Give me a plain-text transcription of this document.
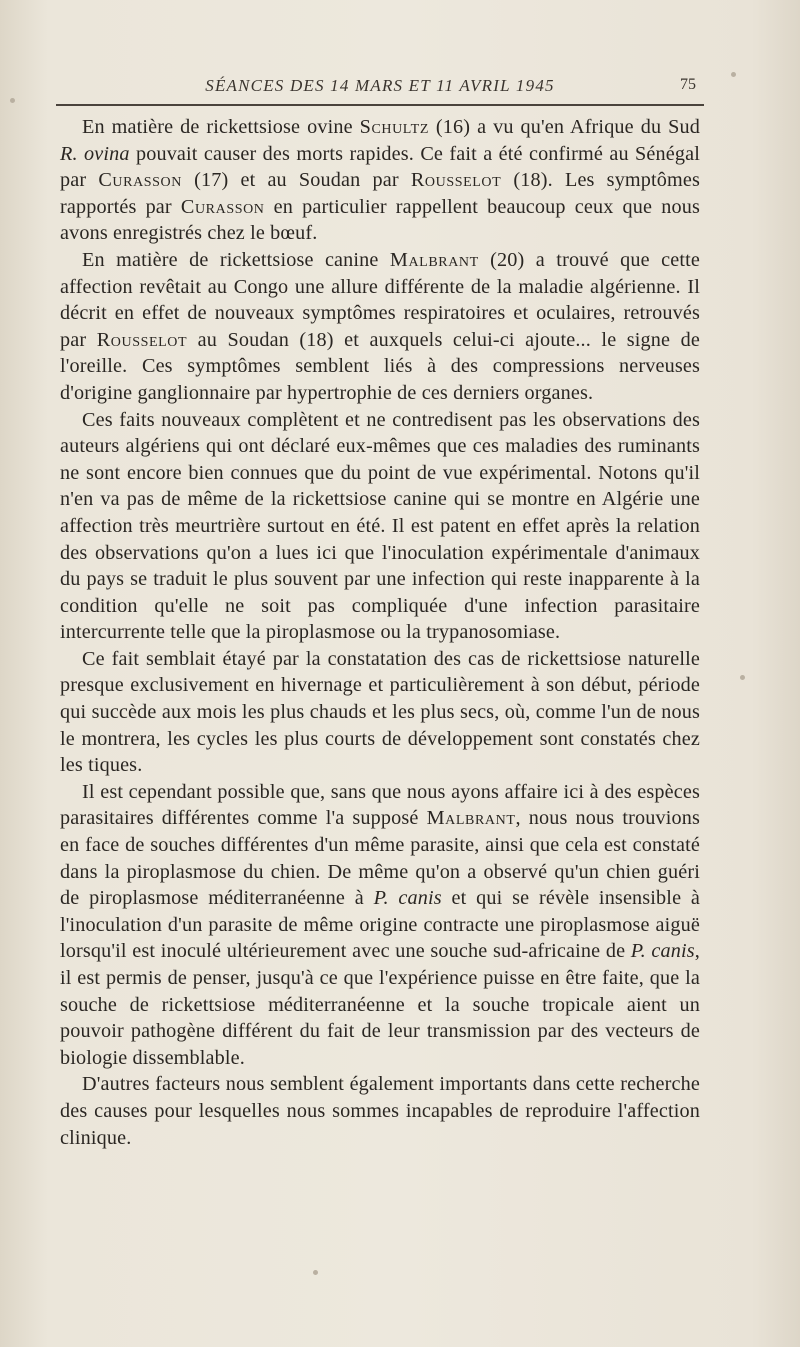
SÉANCES DES 14 MARS ET 11 AVRIL 1945	75

En matière de rickettsiose ovine Schultz (16) a vu qu'en Afrique du Sud R. ovina pouvait causer des morts rapides. Ce fait a été confirmé au Sénégal par Curasson (17) et au Soudan par Rousselot (18). Les symptômes rapportés par Curasson en particulier rappellent beaucoup ceux que nous avons enregistrés chez le bœuf.

En matière de rickettsiose canine Malbrant (20) a trouvé que cette affection revêtait au Congo une allure différente de la maladie algérienne. Il décrit en effet de nouveaux symptômes respiratoires et oculaires, retrouvés par Rousselot au Soudan (18) et auxquels celui-ci ajoute... le signe de l'oreille. Ces symptômes semblent liés à des compressions nerveuses d'origine ganglionnaire par hypertrophie de ces derniers organes.

Ces faits nouveaux complètent et ne contredisent pas les observations des auteurs algériens qui ont déclaré eux-mêmes que ces maladies des ruminants ne sont encore bien connues que du point de vue expérimental. Notons qu'il n'en va pas de même de la rickettsiose canine qui se montre en Algérie une affection très meurtrière surtout en été. Il est patent en effet après la relation des observations qu'on a lues ici que l'inoculation expérimentale d'animaux du pays se traduit le plus souvent par une infection qui reste inapparente à la condition qu'elle ne soit pas compliquée d'une infection parasitaire intercurrente telle que la piroplasmose ou la trypanosomiase.

Ce fait semblait étayé par la constatation des cas de rickettsiose naturelle presque exclusivement en hivernage et particulièrement à son début, période qui succède aux mois les plus chauds et les plus secs, où, comme l'un de nous le montrera, les cycles les plus courts de développement sont constatés chez les tiques.

Il est cependant possible que, sans que nous ayons affaire ici à des espèces parasitaires différentes comme l'a supposé Malbrant, nous nous trouvions en face de souches différentes d'un même parasite, ainsi que cela est constaté dans la piroplasmose du chien. De même qu'on a observé qu'un chien guéri de piroplasmose méditerranéenne à P. canis et qui se révèle insensible à l'inoculation d'un parasite de même origine contracte une piroplasmose aiguë lorsqu'il est inoculé ultérieurement avec une souche sud-africaine de P. canis, il est permis de penser, jusqu'à ce que l'expérience puisse en être faite, que la souche de rickettsiose méditerranéenne et la souche tropicale aient un pouvoir pathogène différent du fait de leur transmission par des vecteurs de biologie dissemblable.

D'autres facteurs nous semblent également importants dans cette recherche des causes pour lesquelles nous sommes incapables de reproduire l'affection clinique.
